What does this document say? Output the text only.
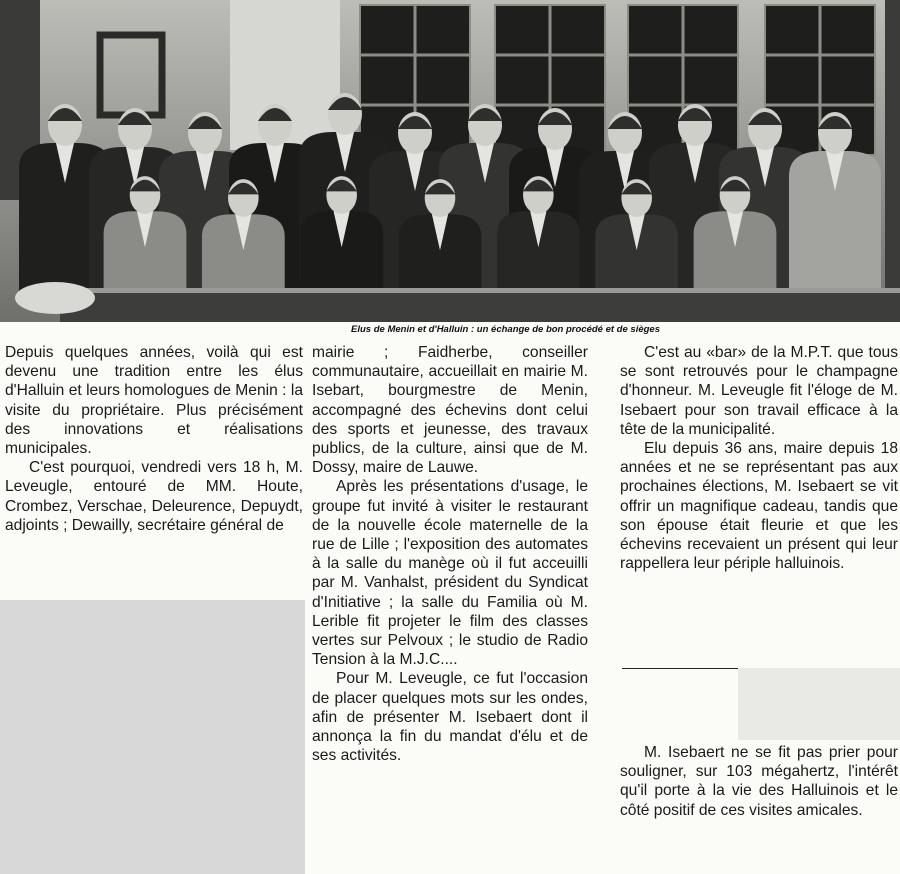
Elus de Menin et d'Halluin : un échange de bon procédé et de sièges

Depuis quelques années, voilà qui est devenu une tradition entre les élus d'Halluin et leurs homologues de Menin : la visite du propriétaire. Plus précisément des innovations et réalisations municipales.

C'est pourquoi, vendredi vers 18 h, M. Leveugle, entouré de MM. Houte, Crombez, Verschae, Deleurence, Depuydt, adjoints ; Dewailly, secrétaire général de

mairie ; Faidherbe, conseiller communautaire, accueillait en mairie M. Isebart, bourgmestre de Menin, accompagné des échevins dont celui des sports et jeunesse, des travaux publics, de la culture, ainsi que de M. Dossy, maire de Lauwe.

Après les présentations d'usage, le groupe fut invité à visiter le restaurant de la nouvelle école maternelle de la rue de Lille ; l'exposition des automates à la salle du manège où il fut acceuilli par M. Vanhalst, président du Syndicat d'Initiative ; la salle du Familia où M. Lerible fit projeter le film des classes vertes sur Pelvoux ; le studio de Radio Tension à la M.J.C....

Pour M. Leveugle, ce fut l'occasion de placer quelques mots sur les ondes, afin de présenter M. Isebaert dont il annonça la fin du mandat d'élu et de ses activités.

C'est au «bar» de la M.P.T. que tous se sont retrouvés pour le champagne d'honneur. M. Leveugle fit l'éloge de M. Isebaert pour son travail efficace à la tête de la municipalité.

Elu depuis 36 ans, maire depuis 18 années et ne se représentant pas aux prochaines élections, M. Isebaert se vit offrir un magnifique cadeau, tandis que son épouse était fleurie et que les échevins recevaient un présent qui leur rappellera leur périple halluinois.

M. Isebaert ne se fit pas prier pour souligner, sur 103 mégahertz, l'intérêt qu'il porte à la vie des Halluinois et le côté positif de ces visites amicales.
